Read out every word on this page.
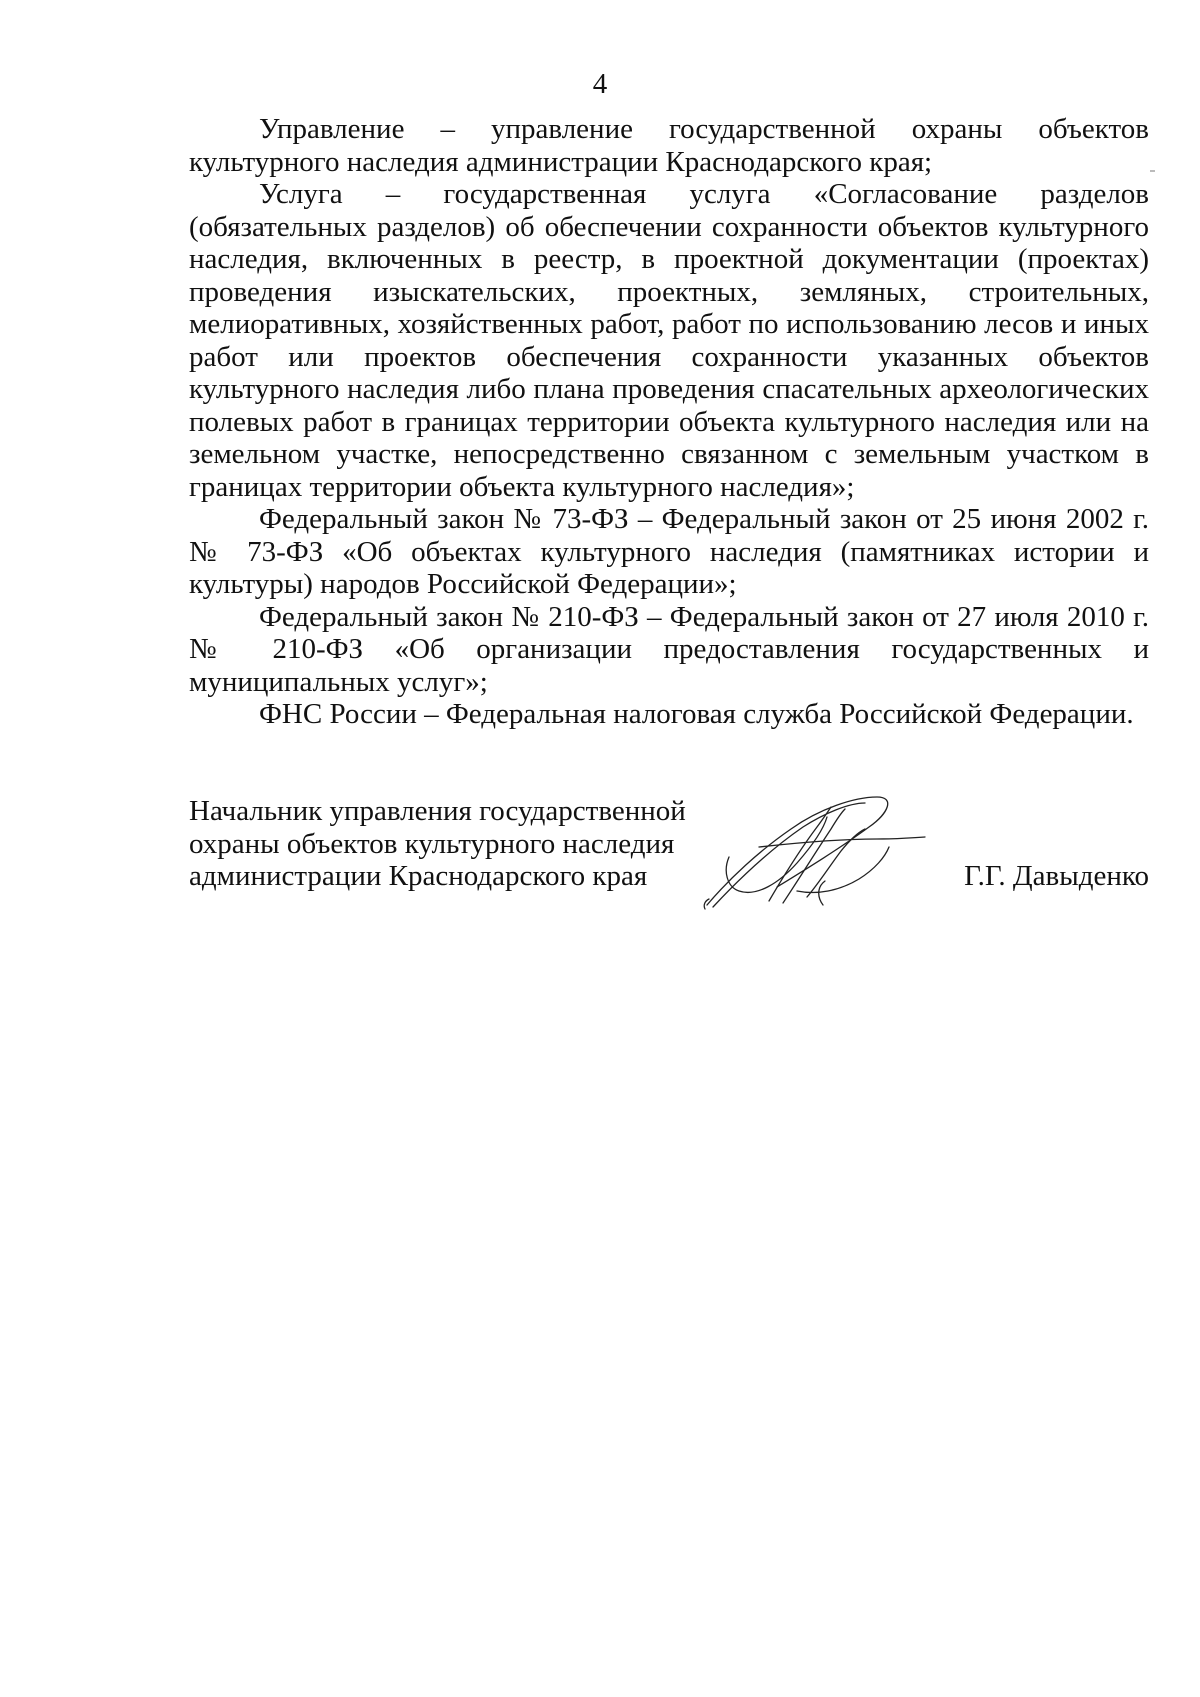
4

Управление – управление государственной охраны объектов культурного наследия администрации Краснодарского края;

Услуга – государственная услуга «Согласование разделов (обязательных разделов) об обеспечении сохранности объектов культурного наследия, включенных в реестр, в проектной документации (проектах) проведения изыскательских, проектных, земляных, строительных, мелиоративных, хозяйственных работ, работ по использованию лесов и иных работ или проектов обеспечения сохранности указанных объектов культурного наследия либо плана проведения спасательных археологических полевых работ в границах территории объекта культурного наследия или на земельном участке, непосредственно связанном с земельным участком в границах территории объекта культурного наследия»;

Федеральный закон № 73-ФЗ – Федеральный закон от 25 июня 2002 г. № 73-ФЗ «Об объектах культурного наследия (памятниках истории и культуры) народов Российской Федерации»;

Федеральный закон № 210-ФЗ – Федеральный закон от 27 июля 2010 г. № 210-ФЗ «Об организации предоставления государственных и муниципальных услуг»;

ФНС России – Федеральная налоговая служба Российской Федерации.

Начальник управления государственной
охраны объектов культурного наследия
администрации Краснодарского края	Г.Г. Давыденко
